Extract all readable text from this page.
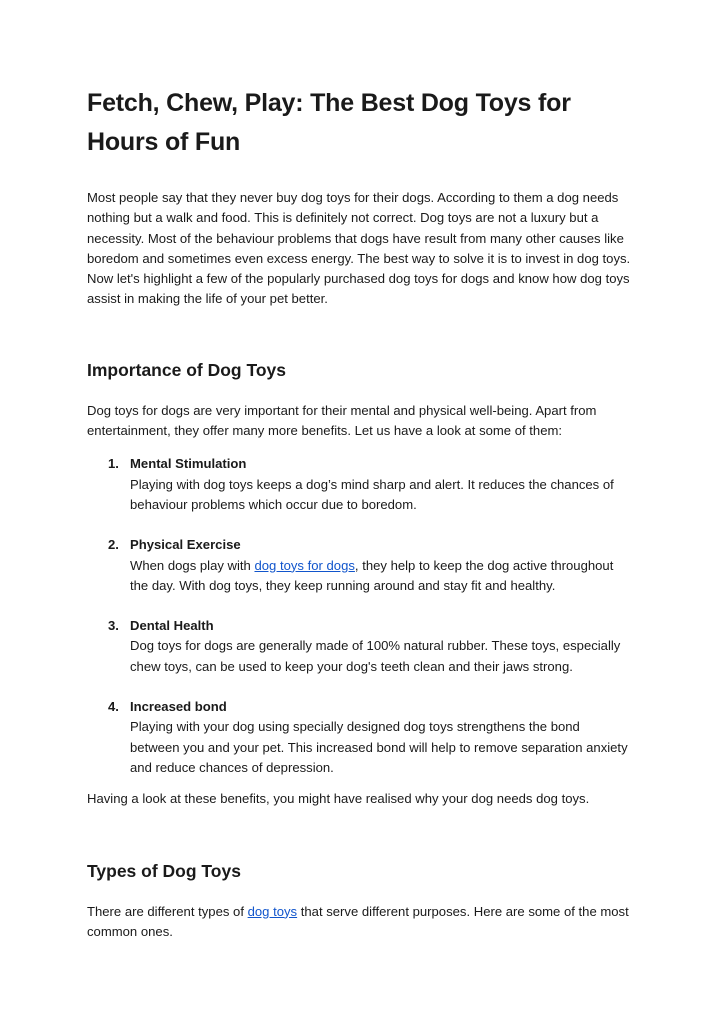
Fetch, Chew, Play: The Best Dog Toys for Hours of Fun

Most people say that they never buy dog toys for their dogs. According to them a dog needs nothing but a walk and food. This is definitely not correct. Dog toys are not a luxury but a necessity. Most of the behaviour problems that dogs have result from many other causes like boredom and sometimes even excess energy. The best way to solve it is to invest in dog toys. Now let's highlight a few of the popularly purchased dog toys for dogs and know how dog toys assist in making the life of your pet better.

Importance of Dog Toys

Dog toys for dogs are very important for their mental and physical well-being. Apart from entertainment, they offer many more benefits. Let us have a look at some of them:

1. Mental Stimulation
Playing with dog toys keeps a dog’s mind sharp and alert. It reduces the chances of behaviour problems which occur due to boredom.
2. Physical Exercise
When dogs play with dog toys for dogs, they help to keep the dog active throughout the day. With dog toys, they keep running around and stay fit and healthy.
3. Dental Health
Dog toys for dogs are generally made of 100% natural rubber. These toys, especially chew toys, can be used to keep your dog's teeth clean and their jaws strong.
4. Increased bond
Playing with your dog using specially designed dog toys strengthens the bond between you and your pet. This increased bond will help to remove separation anxiety and reduce chances of depression.

Having a look at these benefits, you might have realised why your dog needs dog toys.

Types of Dog Toys

There are different types of dog toys that serve different purposes. Here are some of the most common ones.
